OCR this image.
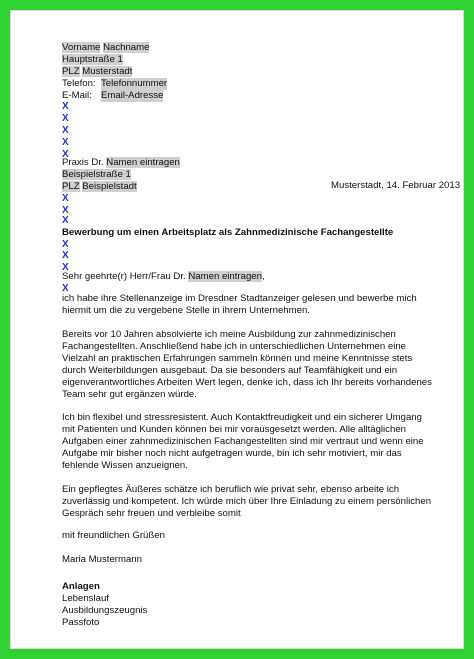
Vorname Nachname
Hauptstraße 1
PLZ Musterstadt
Telefon: Telefonnummer
E-Mail: Email-Adresse
X
X
X
X
X
Praxis Dr. Namen eintragen
Beispielstraße 1
PLZ Beispielstadt	Musterstadt, 14. Februar 2013
X
X
X
Bewerbung um einen Arbeitsplatz als Zahnmedizinische Fachangestellte
X
X
X
Sehr geehrte(r) Herr/Frau Dr. Namen eintragen,
X
ich habe ihre Stellenanzeige im Dresdner Stadtanzeiger gelesen und bewerbe mich hiermit um die zu vergebene Stelle in ihrem Unternehmen.
Bereits vor 10 Jahren absolvierte ich meine Ausbildung zur zahnmedizinischen Fachangestellten. Anschließend habe ich in unterschiedlichen Unternehmen eine Vielzahl an praktischen Erfahrungen sammeln können und meine Kenntnisse stets durch Weiterbildungen ausgebaut. Da sie besonders auf Teamfähigkeit und ein eigenverantwortliches Arbeiten Wert legen, denke ich, dass ich Ihr bereits vorhandenes Team sehr gut ergänzen würde.
Ich bin flexibel und stressresistent. Auch Kontaktfreudigkeit und ein sicherer Umgang mit Patienten und Kunden können bei mir vorausgesetzt werden. Alle alltäglichen Aufgaben einer zahnmedizinischen Fachangestellten sind mir vertraut und wenn eine Aufgabe mir bisher noch nicht aufgetragen wurde, bin ich sehr motiviert, mir das fehlende Wissen anzueignen.
Ein gepflegtes Äußeres schätze ich beruflich wie privat sehr, ebenso arbeite ich zuverlässig und kompetent. Ich würde mich über Ihre Einladung zu einem persönlichen Gespräch sehr freuen und verbleibe somit
mit freundlichen Grüßen
Maria Mustermann
Anlagen
Lebenslauf
Ausbildungszeugnis
Passfoto
